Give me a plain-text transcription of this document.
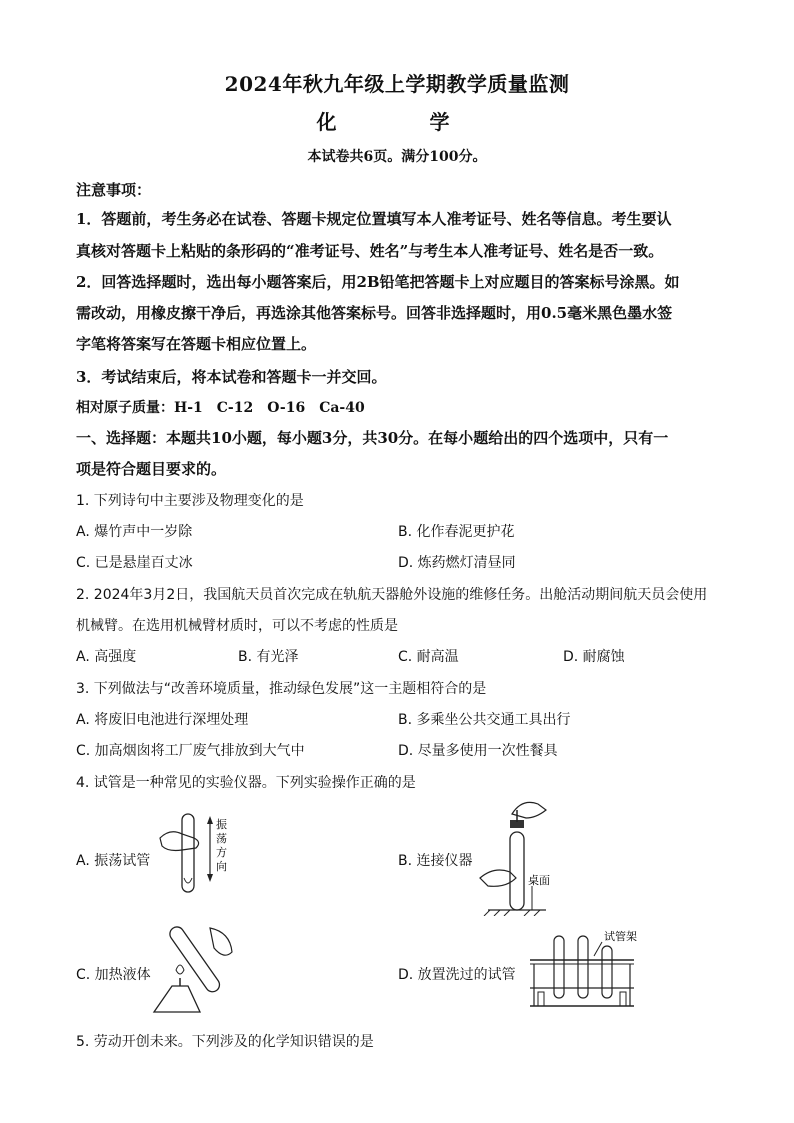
2024年秋九年级上学期教学质量监测
化 学
本试卷共6页。满分100分。
注意事项：
1．答题前，考生务必在试卷、答题卡规定位置填写本人准考证号、姓名等信息。考生要认
真核对答题卡上粘贴的条形码的“准考证号、姓名”与考生本人准考证号、姓名是否一致。
2．回答选择题时，选出每小题答案后，用2B铅笔把答题卡上对应题目的答案标号涂黑。如
需改动，用橡皮擦干净后，再选涂其他答案标号。回答非选择题时，用0.5毫米黑色墨水签
字笔将答案写在答题卡相应位置上。
3．考试结束后，将本试卷和答题卡一并交回。
相对原子质量：H-1　C-12　O-16　Ca-40
一、选择题：本题共10小题，每小题3分，共30分。在每小题给出的四个选项中，只有一
项是符合题目要求的。
1. 下列诗句中主要涉及物理变化的是
A. 爆竹声中一岁除	B. 化作春泥更护花
C. 已是悬崖百丈冰	D. 炼药燃灯清昼同
2. 2024年3月2日，我国航天员首次完成在轨航天器舱外设施的维修任务。出舱活动期间航天员会使用
机械臂。在选用机械臂材质时，可以不考虑的性质是
A. 高强度	B. 有光泽	C. 耐高温	D. 耐腐蚀
3. 下列做法与“改善环境质量，推动绿色发展”这一主题相符合的是
A. 将废旧电池进行深埋处理	B. 多乘坐公共交通工具出行
C. 加高烟囱将工厂废气排放到大气中	D. 尽量多使用一次性餐具
4. 试管是一种常见的实验仪器。下列实验操作正确的是
A. 振荡试管
振
荡
方
向	B. 连接仪器
桌面
C. 加热液体	D. 放置洗过的试管
试管架
5. 劳动开创未来。下列涉及的化学知识错误的是
